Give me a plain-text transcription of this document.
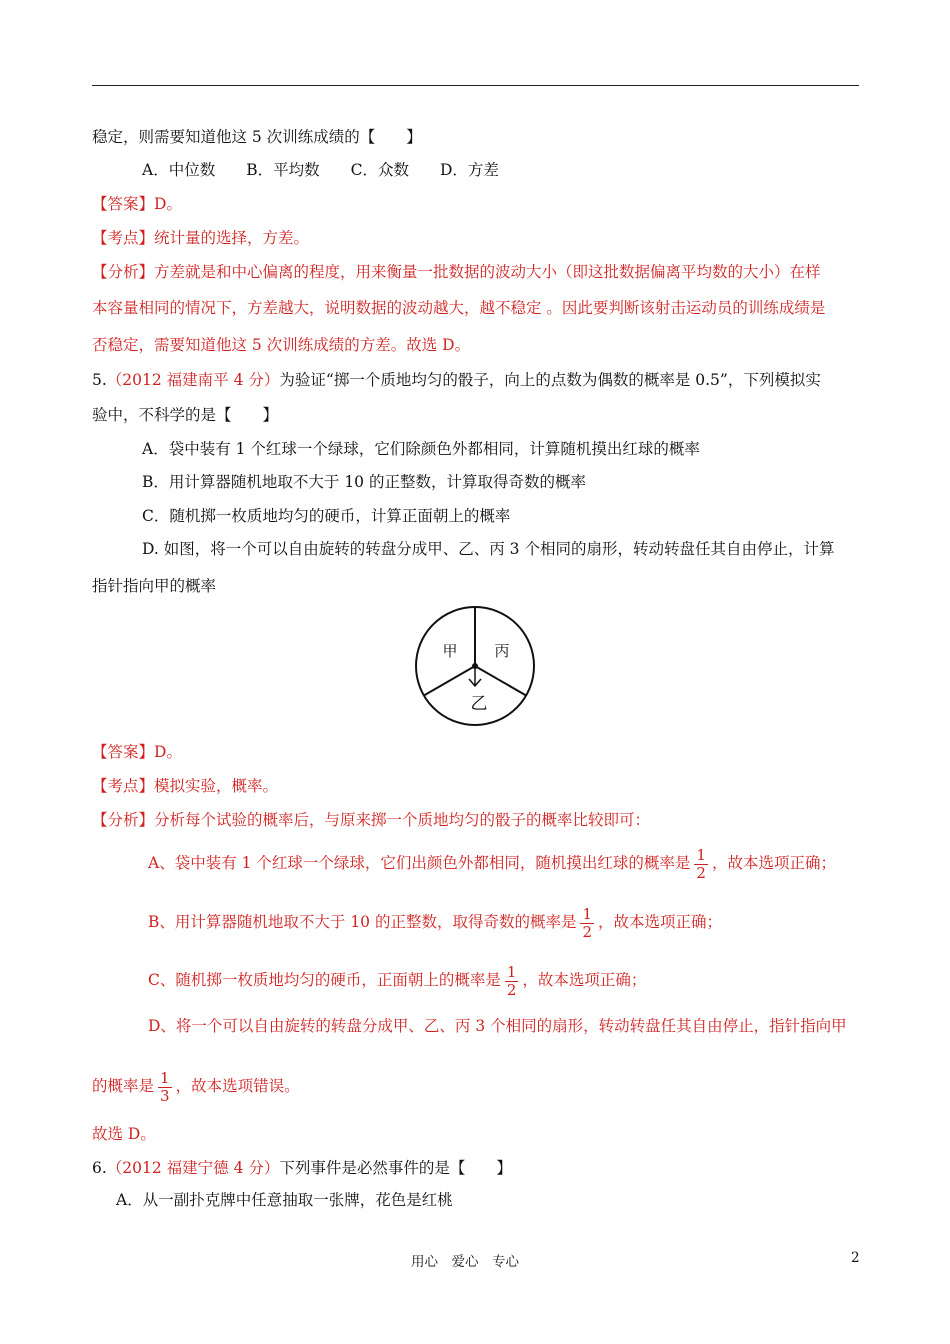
稳定，则需要知道他这 5 次训练成绩的【　　】
A．中位数　　B．平均数　　C．众数　　D．方差
【答案】D。
【考点】统计量的选择，方差。
【分析】方差就是和中心偏离的程度，用来衡量一批数据的波动大小（即这批数据偏离平均数的大小）在样
本容量相同的情况下，方差越大，说明数据的波动越大，越不稳定 。因此要判断该射击运动员的训练成绩是
否稳定，需要知道他这 5 次训练成绩的方差。故选 D。
5.（2012 福建南平 4 分）为验证“掷一个质地均匀的骰子，向上的点数为偶数的概率是 0.5”，下列模拟实
验中，不科学的是【　　】
A．袋中装有 1 个红球一个绿球，它们除颜色外都相同，计算随机摸出红球的概率
B．用计算器随机地取不大于 10 的正整数，计算取得奇数的概率
C．随机掷一枚质地均匀的硬币，计算正面朝上的概率
D. 如图，将一个可以自由旋转的转盘分成甲、乙、丙 3 个相同的扇形，转动转盘任其自由停止，计算
指针指向甲的概率
甲 丙
乙
【答案】D。
【考点】模拟实验，概率。
【分析】分析每个试验的概率后，与原来掷一个质地均匀的骰子的概率比较即可：
A、袋中装有 1 个红球一个绿球，它们出颜色外都相同，随机摸出红球的概率是 $\frac{1}{2}$ ，故本选项正确；
B、用计算器随机地取不大于 10 的正整数，取得奇数的概率是 $\frac{1}{2}$ ，故本选项正确；
C、随机掷一枚质地均匀的硬币，正面朝上的概率是 $\frac{1}{2}$ ，故本选项正确；
D、将一个可以自由旋转的转盘分成甲、乙、丙 3 个相同的扇形，转动转盘任其自由停止，指针指向甲
的概率是 $\frac{1}{3}$ ，故本选项错误。
故选 D。
6.（2012 福建宁德 4 分）下列事件是必然事件的是【　　】
A．从一副扑克牌中任意抽取一张牌，花色是红桃
用心　爱心　专心	2
